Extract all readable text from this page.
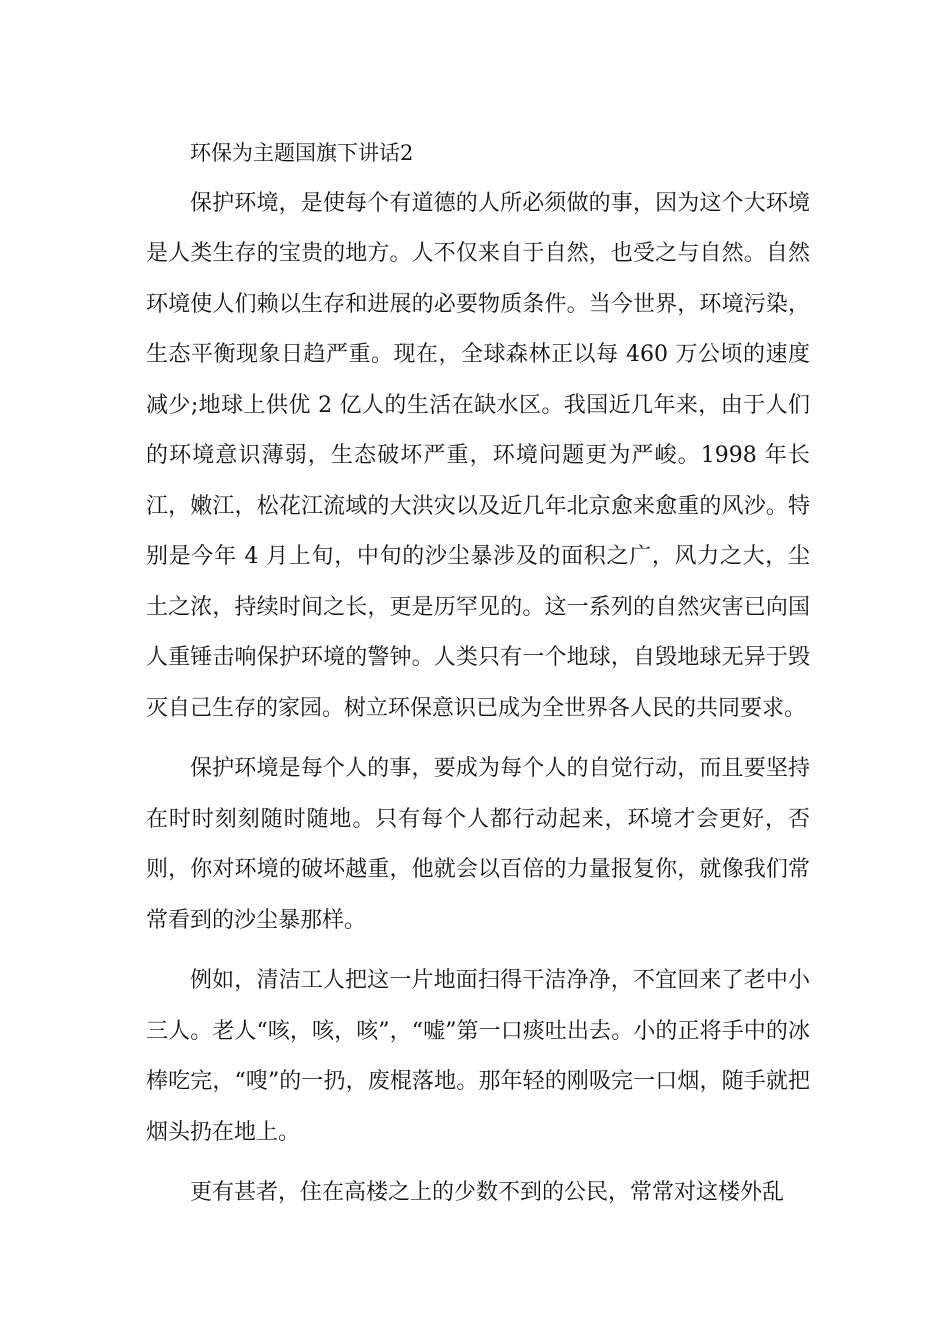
环保为主题国旗下讲话2

保护环境，是使每个有道德的人所必须做的事，因为这个大环境是人类生存的宝贵的地方。人不仅来自于自然，也受之与自然。自然环境使人们赖以生存和进展的必要物质条件。当今世界，环境污染，生态平衡现象日趋严重。现在，全球森林正以每 460 万公顷的速度减少;地球上供优 2 亿人的生活在缺水区。我国近几年来，由于人们的环境意识薄弱，生态破坏严重，环境问题更为严峻。1998 年长江，嫩江，松花江流域的大洪灾以及近几年北京愈来愈重的风沙。特别是今年 4 月上旬，中旬的沙尘暴涉及的面积之广，风力之大，尘土之浓，持续时间之长，更是历罕见的。这一系列的自然灾害已向国人重锤击响保护环境的警钟。人类只有一个地球，自毁地球无异于毁灭自己生存的家园。树立环保意识已成为全世界各人民的共同要求。

保护环境是每个人的事，要成为每个人的自觉行动，而且要坚持在时时刻刻随时随地。只有每个人都行动起来，环境才会更好，否则，你对环境的破坏越重，他就会以百倍的力量报复你，就像我们常常看到的沙尘暴那样。

例如，清洁工人把这一片地面扫得干洁净净，不宜回来了老中小三人。老人“咳，咳，咳”，“嘘”第一口痰吐出去。小的正将手中的冰棒吃完，“嗖”的一扔，废棍落地。那年轻的刚吸完一口烟，随手就把烟头扔在地上。

更有甚者，住在高楼之上的少数不到的公民，常常对这楼外乱
